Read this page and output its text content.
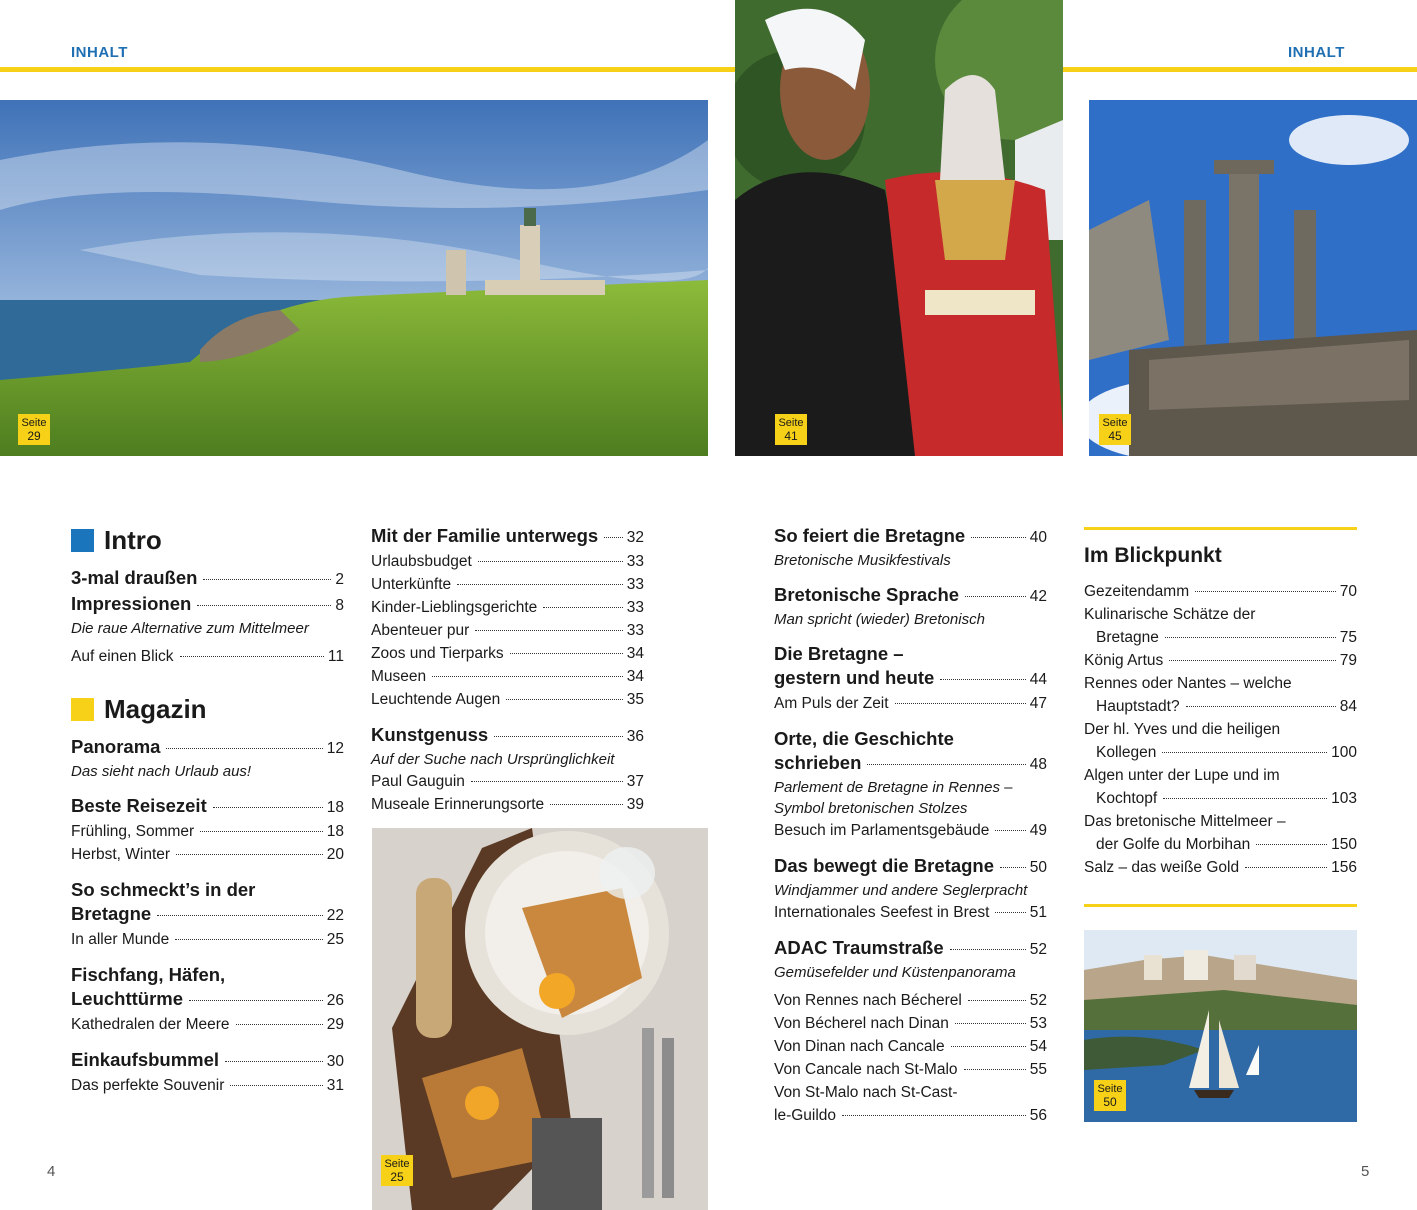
INHALT	INHALT
Seite
29
Seite
41
Seite
45
Intro
3-mal draußen	2
Impressionen	8
Die raue Alternative zum Mittelmeer
Auf einen Blick	11
Magazin
Panorama	12
Das sieht nach Urlaub aus!
Beste Reisezeit	18
Frühling, Sommer	18
Herbst, Winter	20
So schmeckt’s in der
Bretagne	22
In aller Munde	25
Fischfang, Häfen,
Leuchttürme	26
Kathedralen der Meere	29
Einkaufsbummel	30
Das perfekte Souvenir	31
Mit der Familie unterwegs 32
Urlaubsbudget	33
Unterkünfte	33
Kinder-Lieblingsgerichte	33
Abenteuer pur	33
Zoos und Tierparks	34
Museen	34
Leuchtende Augen	35
Kunstgenuss	36
Auf der Suche nach Ursprünglichkeit
Paul Gauguin	37
Museale Erinnerungsorte	39
Seite
25
So feiert die Bretagne	40
Bretonische Musikfestivals
Bretonische Sprache	42
Man spricht (wieder) Bretonisch
Die Bretagne –
gestern und heute	44
Am Puls der Zeit	47
Orte, die Geschichte
schrieben	48
Parlement de Bretagne in Rennes –
Symbol bretonischen Stolzes
Besuch im Parlamentsgebäude	49
Das bewegt die Bretagne 50
Windjammer und andere Seglerpracht
Internationales Seefest in Brest	51
ADAC Traumstraße	52
Gemüsefelder und Küstenpanorama
Von Rennes nach Bécherel	52
Von Bécherel nach Dinan	53
Von Dinan nach Cancale	54
Von Cancale nach St-Malo	55
Von St-Malo nach St-Cast-
le-Guildo	56
Im Blickpunkt
Gezeitendamm	70
Kulinarische Schätze der
Bretagne	75
König Artus	79
Rennes oder Nantes – welche
Hauptstadt?	84
Der hl. Yves und die heiligen
Kollegen	100
Algen unter der Lupe und im
Kochtopf	103
Das bretonische Mittelmeer –
der Golfe du Morbihan	150
Salz – das weiße Gold	156
Seite
50
4	5
